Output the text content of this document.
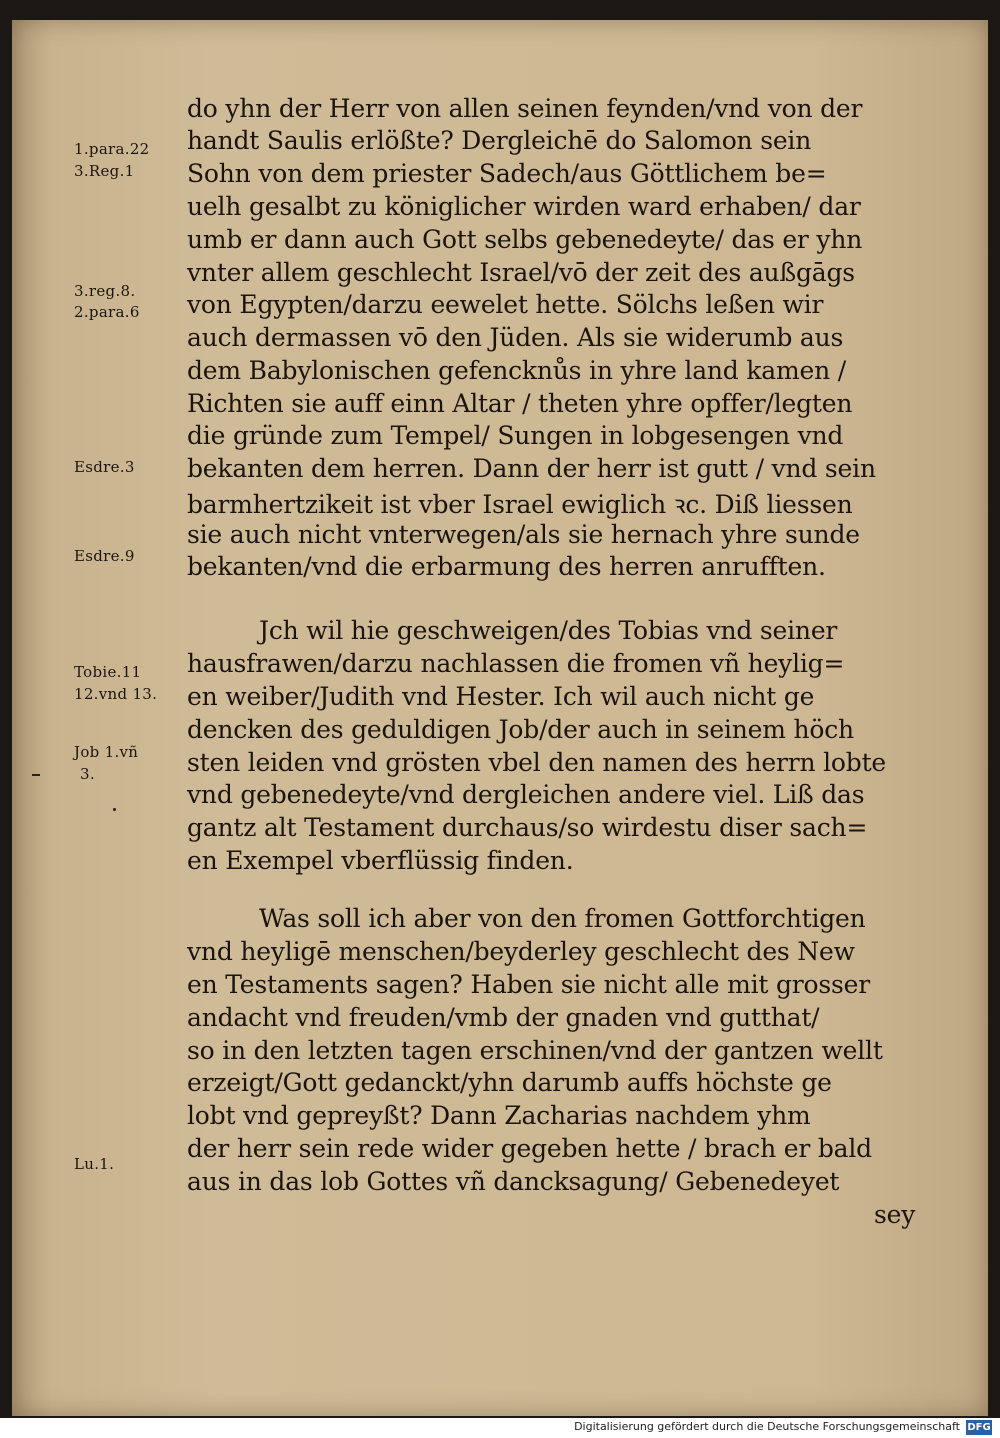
do yhn der Herr von allen seinen feynden/vnd von der
handt Saulis erlößte? Dergleichē do Salomon sein
Sohn von dem priester Sadech/aus Göttlichem be=
uelh gesalbt zu königlicher wirden ward erhaben/ dar
umb er dann auch Gott selbs gebenedeyte/ das er yhn
vnter allem geschlecht Israel/vō der zeit des außgāgs
von Egypten/darzu eewelet hette. Sölchs leßen wir
auch dermassen vō den Jüden. Als sie widerumb aus
dem Babylonischen gefencknůs in yhre land kamen /
Richten sie auff einn Altar / theten yhre opffer/legten
die gründe zum Tempel/ Sungen in lobgesengen vnd
bekanten dem herren. Dann der herr ist gutt / vnd sein
barmhertzikeit ist vber Israel ewiglich ꝛc. Diß liessen
sie auch nicht vnterwegen/als sie hernach yhre sunde
bekanten/vnd die erbarmung des herren anrufften.
Jch wil hie geschweigen/des Tobias vnd seiner
hausfrawen/darzu nachlassen die fromen vñ heylig=
en weiber/Judith vnd Hester. Ich wil auch nicht ge
dencken des geduldigen Job/der auch in seinem höch
sten leiden vnd grösten vbel den namen des herrn lobte
vnd gebenedeyte/vnd dergleichen andere viel. Liß das
gantz alt Testament durchaus/so wirdestu diser sach=
en Exempel vberflüssig finden.
Was soll ich aber von den fromen Gottforchtigen
vnd heyligē menschen/beyderley geschlecht des New
en Testaments sagen? Haben sie nicht alle mit grosser
andacht vnd freuden/vmb der gnaden vnd gutthat/
so in den letzten tagen erschinen/vnd der gantzen wellt
erzeigt/Gott gedanckt/yhn darumb auffs höchste ge
lobt vnd gepreyßt? Dann Zacharias nachdem yhm
der herr sein rede wider gegeben hette / brach er bald
aus in das lob Gottes vñ dancksagung/ Gebenedeyet
sey
1.para.22
3.Reg.1
3.reg.8.
2.para.6
Esdre.3
Esdre.9
Tobie.11
12.vnd 13.
Job 1.vñ
3.
Lu.1.
Digitalisierung gefördert durch die Deutsche Forschungsgemeinschaft DFG
